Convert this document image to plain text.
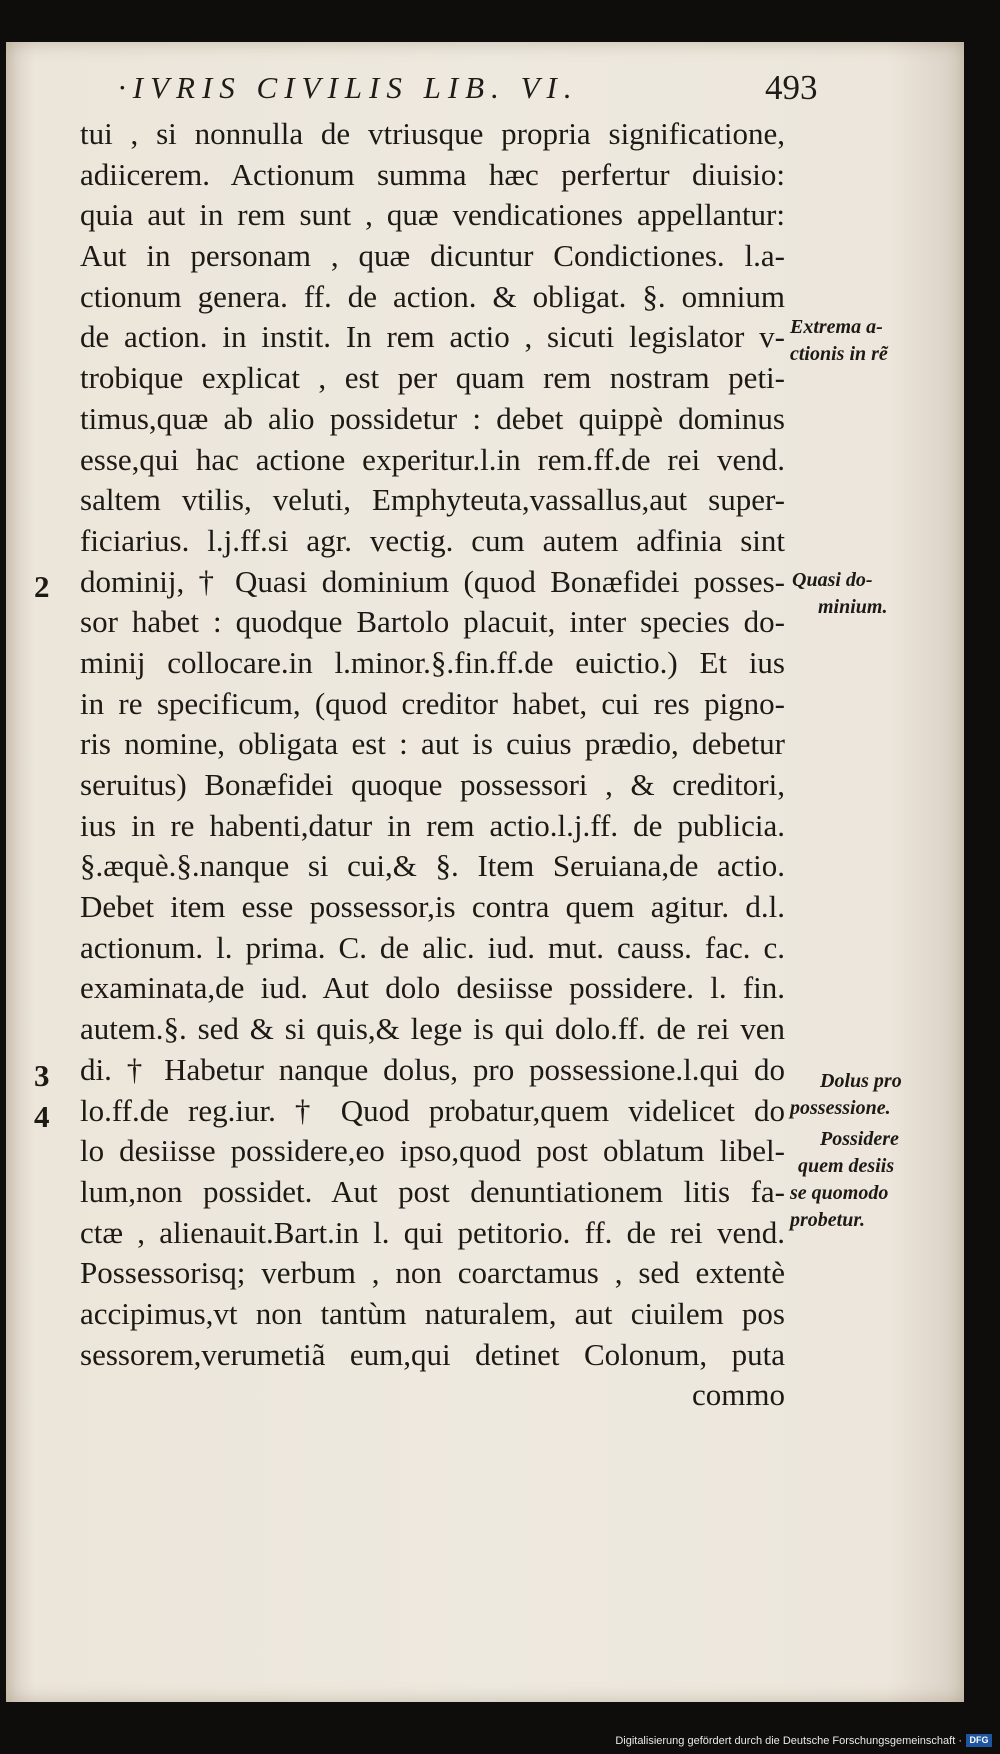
·IVRIS CIVILIS LIB. VI.	493
tui , si nonnulla de vtriusque propria significatione,
adiicerem. Actionum summa hæc perfertur diuisio:
quia aut in rem sunt , quæ vendicationes appellantur:
Aut in personam , quæ dicuntur Condictiones. l.a-
ctionum genera. ff. de action. & obligat. §. omnium
de action. in instit. In rem actio , sicuti legislator v-
trobique explicat , est per quam rem nostram peti-
timus,quæ ab alio possidetur : debet quippè dominus
esse,qui hac actione experitur.l.in rem.ff.de rei vend.
saltem vtilis, veluti, Emphyteuta,vassallus,aut super-
ficiarius. l.j.ff.si agr. vectig. cum autem adfinia sint
dominij, † Quasi dominium (quod Bonæfidei posses-
sor habet : quodque Bartolo placuit, inter species do-
minij collocare.in l.minor.§.fin.ff.de euictio.) Et ius
in re specificum, (quod creditor habet, cui res pigno-
ris nomine, obligata est : aut is cuius prædio, debetur
seruitus) Bonæfidei quoque possessori , & creditori,
ius in re habenti,datur in rem actio.l.j.ff. de publicia.
§.æquè.§.nanque si cui,& §. Item Seruiana,de actio.
Debet item esse possessor,is contra quem agitur. d.l.
actionum. l. prima. C. de alic. iud. mut. causs. fac. c.
examinata,de iud. Aut dolo desiisse possidere. l. fin.
autem.§. sed & si quis,& lege is qui dolo.ff. de rei ven
di. † Habetur nanque dolus, pro possessione.l.qui do
lo.ff.de reg.iur. † Quod probatur,quem videlicet do
lo desiisse possidere,eo ipso,quod post oblatum libel-
lum,non possidet. Aut post denuntiationem litis fa-
ctæ , alienauit.Bart.in l. qui petitorio. ff. de rei vend.
Possessorisq; verbum , non coarctamus , sed extentè
accipimus,vt non tantùm naturalem, aut ciuilem pos
sessorem,verumetiã eum,qui detinet Colonum, puta
commo
2
3
4
Extrema a-
ctionis in rẽ
Quasi do-
minium.
Dolus pro
possessione.
Possidere
quem desiis
se quomodo
probetur.
Digitalisierung gefördert durch die Deutsche Forschungsgemeinschaft · DFG
